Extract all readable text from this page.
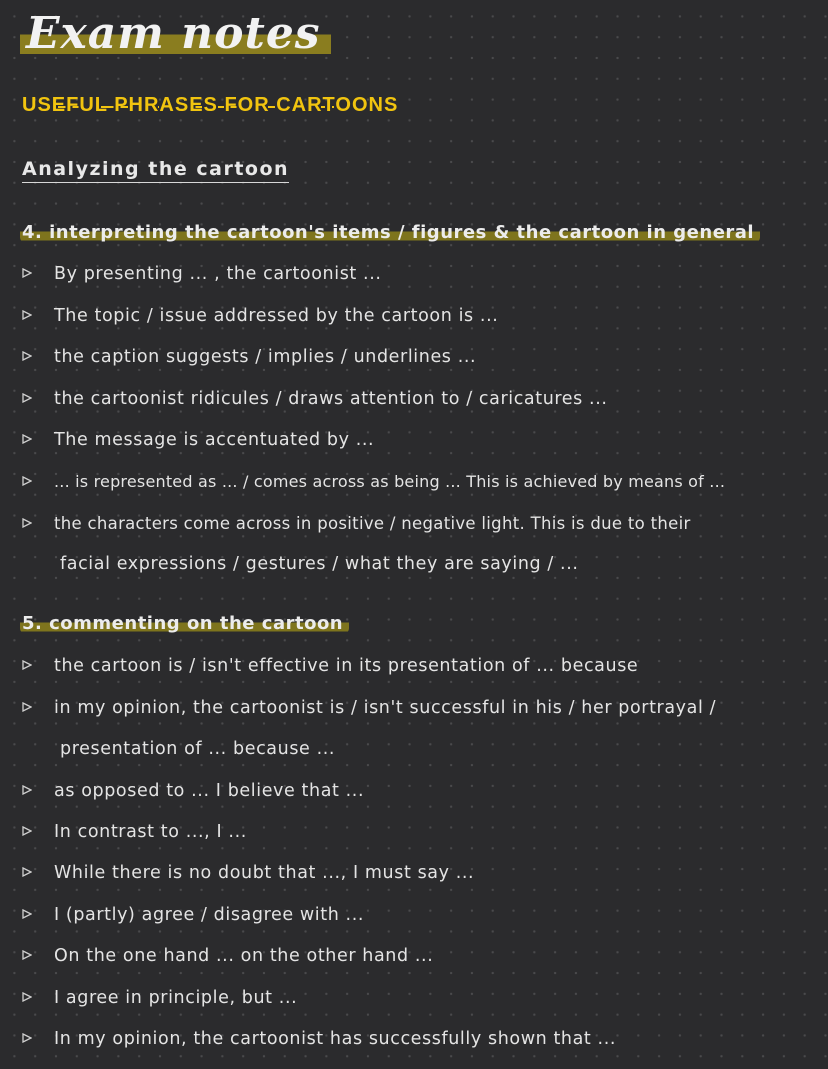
Exam notes
USEFUL PHRASES FOR CARTOONS
Analyzing the cartoon
4. interpreting the cartoon's items / figures & the cartoon in general
By presenting ... , the cartoonist ...
The topic / issue addressed by the cartoon is ...
the caption suggests / implies / underlines ...
the cartoonist ridicules / draws attention to / caricatures ...
The message is accentuated by ...
... is represented as ... / comes across as being ... This is achieved by means of ...
the characters come across in positive / negative light. This is due to their
facial expressions / gestures / what they are saying / ...
5. commenting on the cartoon
the cartoon is / isn't effective in its presentation of ... because
in my opinion, the cartoonist is / isn't successful in his / her portrayal /
presentation of ... because ...
as opposed to ... I believe that ...
In contrast to ..., I ...
While there is no doubt that ..., I must say ...
I (partly) agree / disagree with ...
On the one hand ... on the other hand ...
I agree in principle, but ...
In my opinion, the cartoonist has successfully shown that ...
